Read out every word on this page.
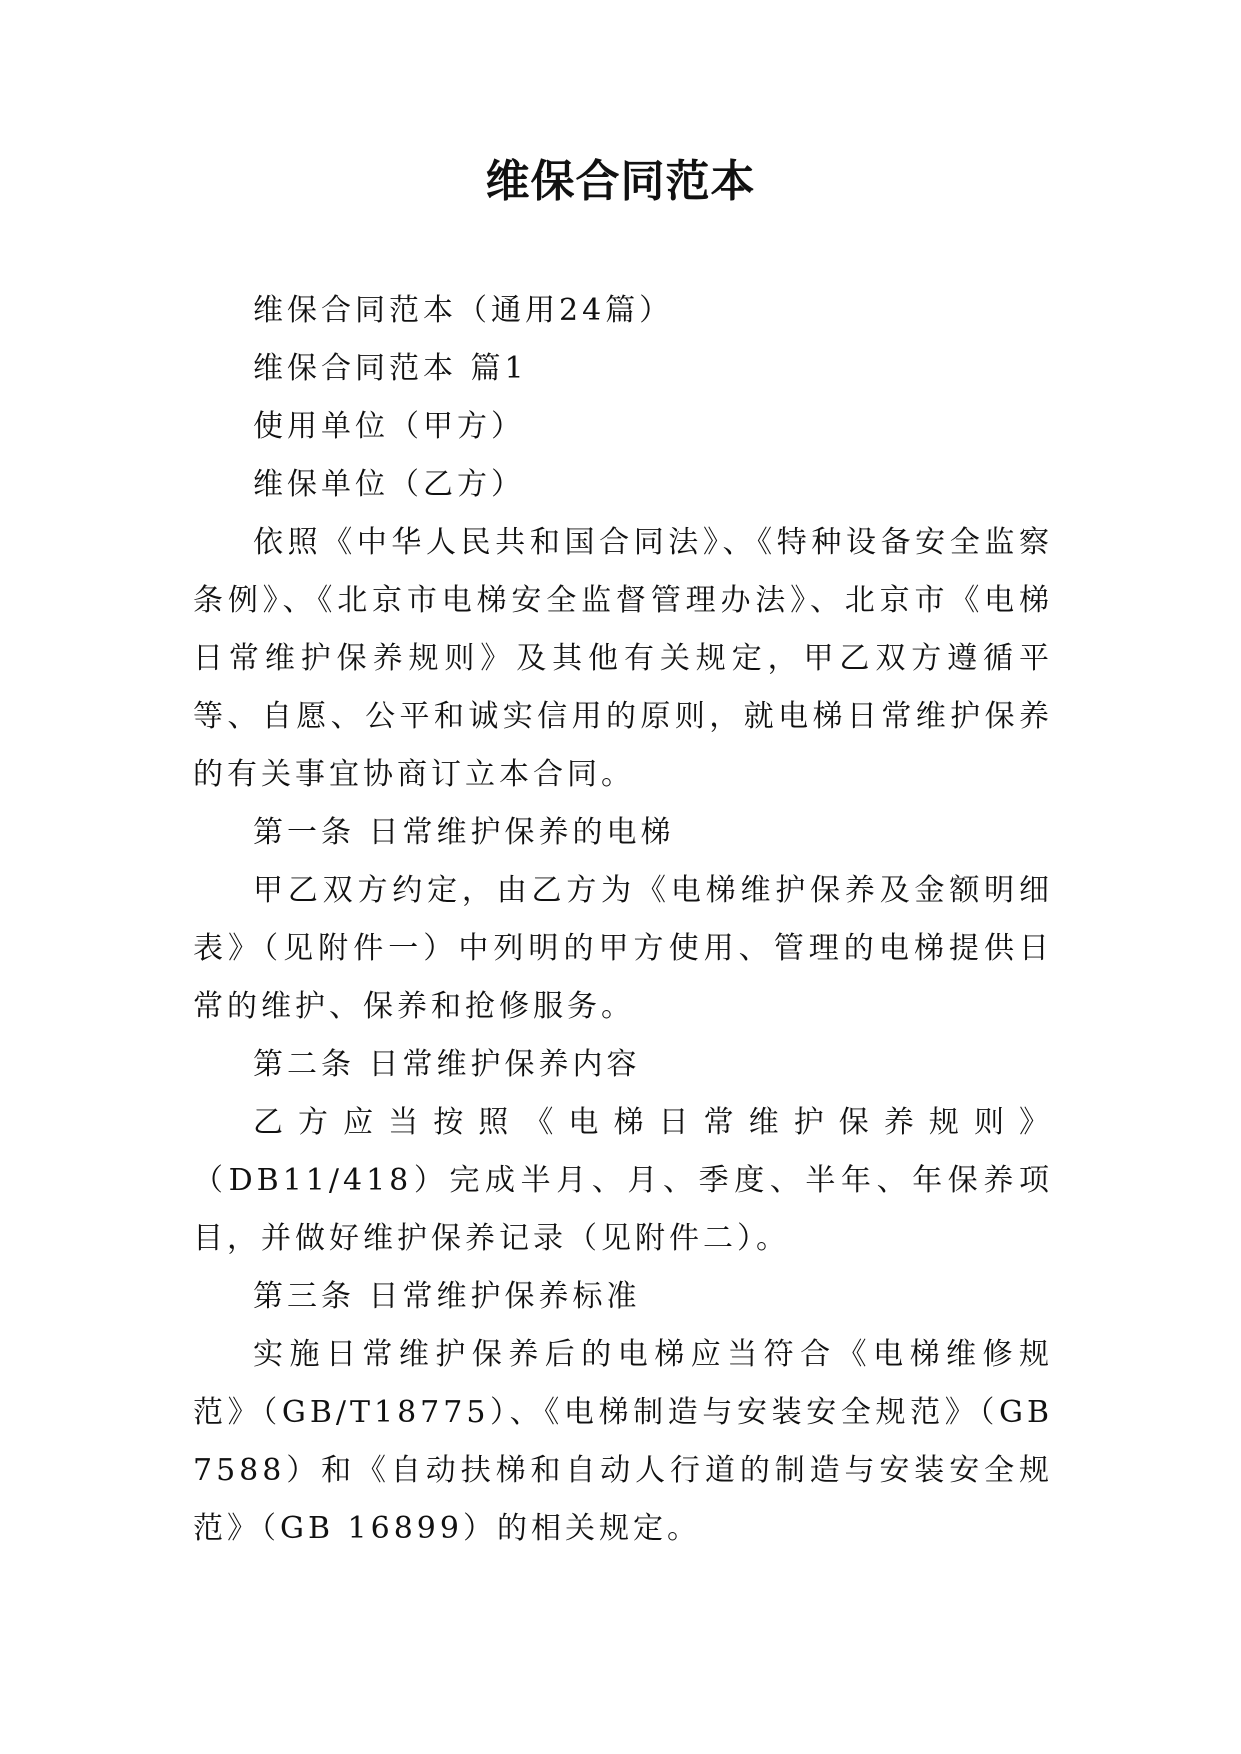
维保合同范本

维保合同范本（通用24篇）

维保合同范本 篇1

使用单位（甲方）

维保单位（乙方）

依照《中华人民共和国合同法》、《特种设备安全监察条例》、《北京市电梯安全监督管理办法》、北京市《电梯日常维护保养规则》及其他有关规定，甲乙双方遵循平等、自愿、公平和诚实信用的原则，就电梯日常维护保养的有关事宜协商订立本合同。

第一条 日常维护保养的电梯

甲乙双方约定，由乙方为《电梯维护保养及金额明细表》（见附件一）中列明的甲方使用、管理的电梯提供日常的维护、保养和抢修服务。

第二条 日常维护保养内容

乙方应当按照《电梯日常维护保养规则》（DB11/418）完成半月、月、季度、半年、年保养项目，并做好维护保养记录（见附件二）。

第三条 日常维护保养标准

实施日常维护保养后的电梯应当符合《电梯维修规范》（GB/T18775）、《电梯制造与安装安全规范》（GB 7588）和《自动扶梯和自动人行道的制造与安装安全规范》（GB 16899）的相关规定。
